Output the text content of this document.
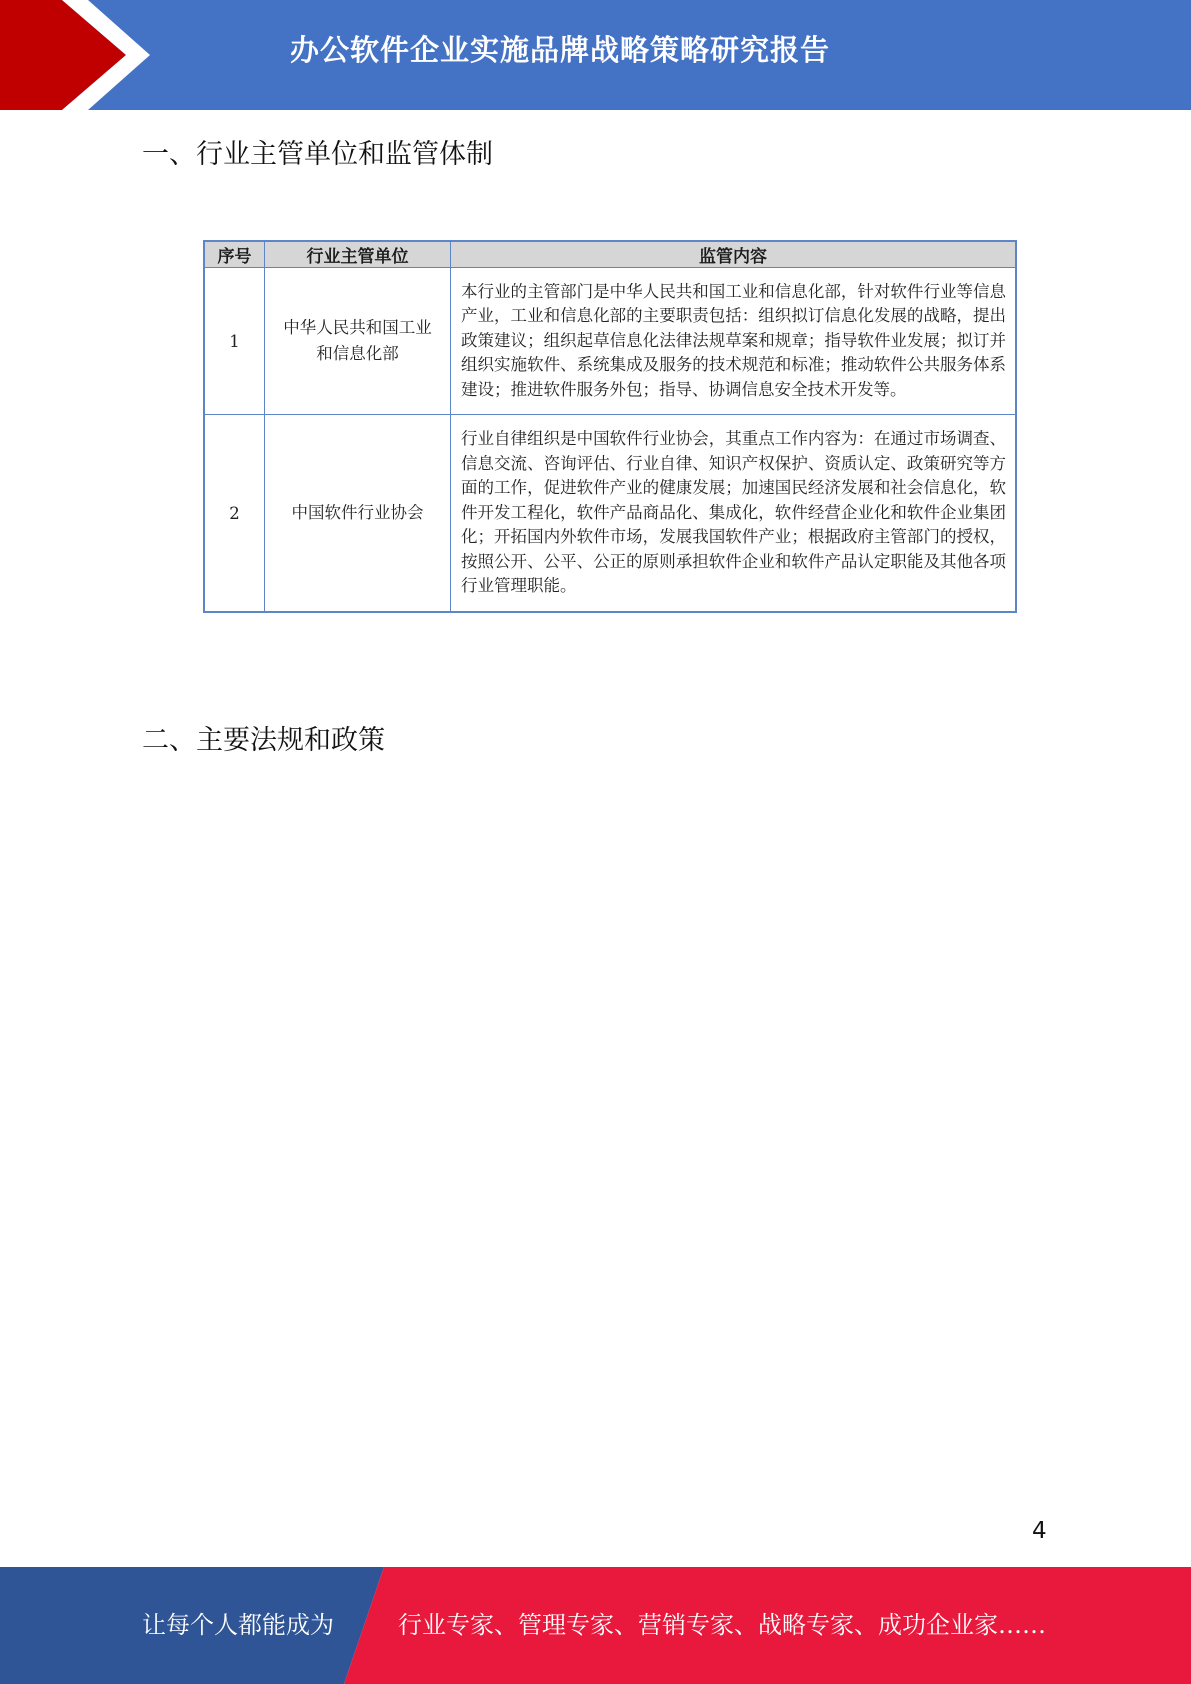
办公软件企业实施品牌战略策略研究报告
一、行业主管单位和监管体制
序号	行业主管单位	监管内容
1	中华人民共和国工业和信息化部	本行业的主管部门是中华人民共和国工业和信息化部，针对软件行业等信息产业，工业和信息化部的主要职责包括：组织拟订信息化发展的战略，提出政策建议；组织起草信息化法律法规草案和规章；指导软件业发展；拟订并组织实施软件、系统集成及服务的技术规范和标准；推动软件公共服务体系建设；推进软件服务外包；指导、协调信息安全技术开发等。
2	中国软件行业协会	行业自律组织是中国软件行业协会，其重点工作内容为：在通过市场调查、信息交流、咨询评估、行业自律、知识产权保护、资质认定、政策研究等方面的工作，促进软件产业的健康发展；加速国民经济发展和社会信息化，软件开发工程化，软件产品商品化、集成化，软件经营企业化和软件企业集团化；开拓国内外软件市场，发展我国软件产业；根据政府主管部门的授权，按照公开、公平、公正的原则承担软件企业和软件产品认定职能及其他各项行业管理职能。
二、主要法规和政策
4
让每个人都能成为	行业专家、管理专家、营销专家、战略专家、成功企业家……
